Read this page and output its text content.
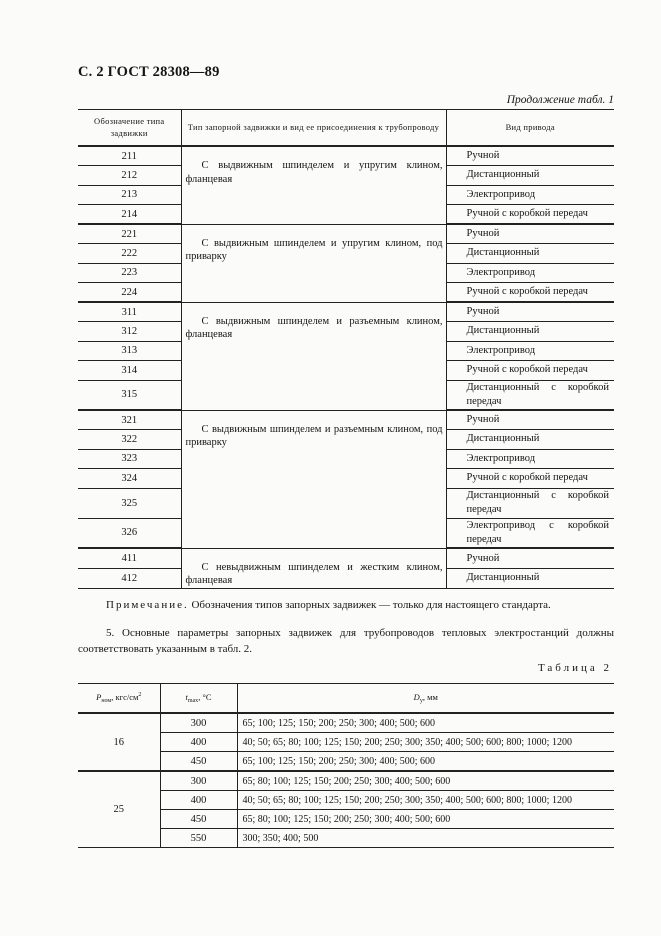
С. 2 ГОСТ 28308—89
Продолжение табл. 1
Обозначение типа задвижки	Тип запорной задвижки и вид ее присоединения к трубопроводу	Вид привода
211	С выдвижным шпинделем и упругим клином, фланцевая	Ручной
212		Дистанционный
213		Электропривод
214		Ручной с коробкой передач
221	С выдвижным шпинделем и упругим клином, под приварку	Ручной
222		Дистанционный
223		Электропривод
224		Ручной с коробкой передач
311	С выдвижным шпинделем и разъемным клином, фланцевая	Ручной
312		Дистанционный
313		Электропривод
314		Ручной с коробкой передач
315		Дистанционный с коробкой передач
321	С выдвижным шпинделем и разъемным клином, под приварку	Ручной
322		Дистанционный
323		Электропривод
324		Ручной с коробкой передач
325		Дистанционный с коробкой передач
326		Электропривод с коробкой передач
411	С невыдвижным шпинделем и жестким клином, фланцевая	Ручной
412		Дистанционный
Примечание. Обозначения типов запорных задвижек — только для настоящего стандарта.
5. Основные параметры запорных задвижек для трубопроводов тепловых электростанций должны соответствовать указанным в табл. 2.
Таблица 2
$P_{ном}$, кгс/$см^2$	$t_{max}$, °С	$D_y$, мм
16	300	65; 100; 125; 150; 200; 250; 300; 400; 500; 600
	400	40; 50; 65; 80; 100; 125; 150; 200; 250; 300; 350; 400; 500; 600; 800; 1000; 1200
	450	65; 100; 125; 150; 200; 250; 300; 400; 500; 600
25	300	65; 80; 100; 125; 150; 200; 250; 300; 400; 500; 600
	400	40; 50; 65; 80; 100; 125; 150; 200; 250; 300; 350; 400; 500; 600; 800; 1000; 1200
	450	65; 80; 100; 125; 150; 200; 250; 300; 400; 500; 600
	550	300; 350; 400; 500
